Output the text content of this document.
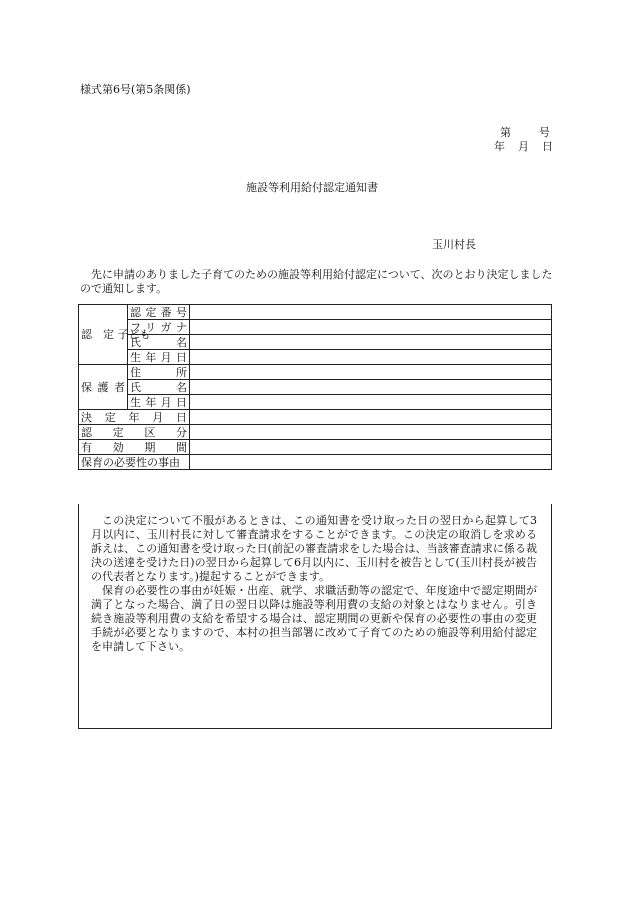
様式第6号(第5条関係)
第　　号
年　月　日
施設等利用給付認定通知書
玉川村長
先に申請のありました子育てのための施設等利用給付認定について、次のとおり決定しましたので通知します。
認　定 子ども	認定番号	
	フリガナ	
	氏　名	
	生年月日	
保護者	住　所	
	氏　名	
	生年月日	
決定年月日		
認定区分		
有効期間		
保育の必要性の事由		

この決定について不服があるときは、この通知書を受け取った日の翌日から起算して3月以内に、玉川村長に対して審査請求をすることができます。この決定の取消しを求める訴えは、この通知書を受け取った日(前記の審査請求をした場合は、当該審査請求に係る裁決の送達を受けた日)の翌日から起算して6月以内に、玉川村を被告として(玉川村長が被告の代表者となります。)提起することができます。

保育の必要性の事由が妊娠・出産、就学、求職活動等の認定で、年度途中で認定期間が満了となった場合、満了日の翌日以降は施設等利用費の支給の対象とはなりません。引き続き施設等利用費の支給を希望する場合は、認定期間の更新や保育の必要性の事由の変更手続が必要となりますので、本村の担当部署に改めて子育てのための施設等利用給付認定を申請して下さい。
